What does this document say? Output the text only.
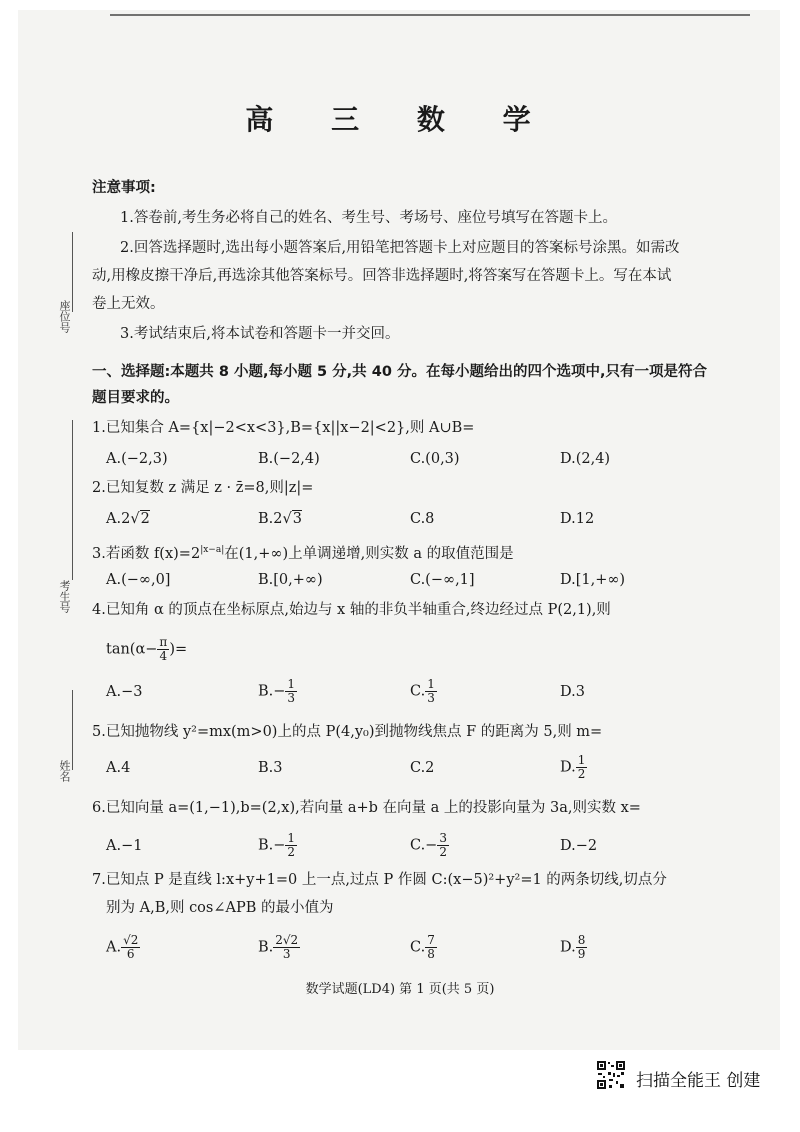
高 三 数 学
注意事项:
1.答卷前,考生务必将自己的姓名、考生号、考场号、座位号填写在答题卡上。
2.回答选择题时,选出每小题答案后,用铅笔把答题卡上对应题目的答案标号涂黑。如需改
动,用橡皮擦干净后,再选涂其他答案标号。回答非选择题时,将答案写在答题卡上。写在本试
卷上无效。
3.考试结束后,将本试卷和答题卡一并交回。
一、选择题:本题共 8 小题,每小题 5 分,共 40 分。在每小题给出的四个选项中,只有一项是符合
题目要求的。
座位号
考生号
姓名
1.已知集合 A={x|−2<x<3},B={x||x−2|<2},则 A∪B=
A.(−2,3)	B.(−2,4)	C.(0,3)	D.(2,4)
2.已知复数 z 满足 z · z̄=8,则|z|=
A.2√2	B.2√3	C.8	D.12
3.若函数 $f(x)=2^{|x-a|}$在(1,+∞)上单调递增,则实数 a 的取值范围是
A.(−∞,0]	B.[0,+∞)	C.(−∞,1]	D.[1,+∞)
4.已知角 α 的顶点在坐标原点,始边与 x 轴的非负半轴重合,终边经过点 P(2,1),则
$\tan(\alpha- \frac{\pi}{4}$ )=
A.−3	$B.- \frac{1}{3}$	C. $\frac{1}{3}$	D.3
5.已知抛物线 y²=mx(m>0)上的点 P(4,y₀)到抛物线焦点 F 的距离为 5,则 m=
A.4	B.3	C.2	D. $\frac{1}{2}$
6.已知向量 a=(1,−1),b=(2,x),若向量 a+b 在向量 a 上的投影向量为 3a,则实数 x=
A.−1	$B.- \frac{1}{2}$	$C.- \frac{3}{2}$	D.−2
7.已知点 P 是直线 l:x+y+1=0 上一点,过点 P 作圆 C:(x−5)²+y²=1 的两条切线,切点分
别为 A,B,则 cos∠APB 的最小值为
A. $\frac{√2}{6}$	B. $\frac{2√2}{3}$	C. $\frac{7}{8}$	D. $\frac{8}{9}$
数学试题(LD4) 第 1 页(共 5 页)
扫描全能王 创建
